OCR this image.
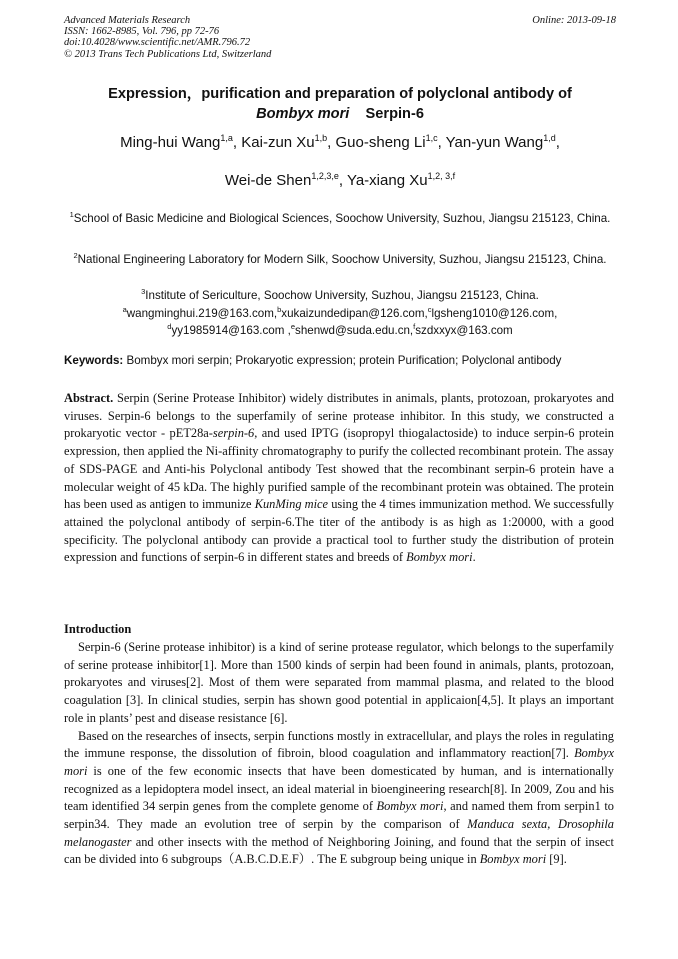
Advanced Materials Research
ISSN: 1662-8985, Vol. 796, pp 72-76
doi:10.4028/www.scientific.net/AMR.796.72
© 2013 Trans Tech Publications Ltd, Switzerland
Online: 2013-09-18
Expression，purification and preparation of polyclonal antibody of
Bombyx mori Serpin-6
Ming-hui Wang$^{1,a}$, Kai-zun Xu$^{1,b}$, Guo-sheng Li$^{1,c}$, Yan-yun Wang$^{1,d}$,
Wei-de Shen$^{1,2,3,e}$, Ya-xiang Xu$^{1,2, 3,f}$
$^1$School of Basic Medicine and Biological Sciences, Soochow University, Suzhou, Jiangsu 215123, China.
$^2$National Engineering Laboratory for Modern Silk, Soochow University, Suzhou, Jiangsu 215123, China.
$^3$Institute of Sericulture, Soochow University, Suzhou, Jiangsu 215123, China.
$^a$wangminghui.219@163.com,$^b$xukaizundedipan@126.com,$^c$lgsheng1010@126.com,
$^d$yy1985914@163.com ,$^e$shenwd@suda.edu.cn,$^f$szdxxyx@163.com
Keywords: Bombyx mori serpin; Prokaryotic expression; protein Purification; Polyclonal antibody

Abstract. Serpin (Serine Protease Inhibitor) widely distributes in animals, plants, protozoan, prokaryotes and viruses. Serpin-6 belongs to the superfamily of serine protease inhibitor. In this study, we constructed a prokaryotic vector - pET28a-serpin-6, and used IPTG (isopropyl thiogalactoside) to induce serpin-6 protein expression, then applied the Ni-affinity chromatography to purify the collected recombinant protein. The assay of SDS-PAGE and Anti-his Polyclonal antibody Test showed that the recombinant serpin-6 protein have a molecular weight of 45 kDa. The highly purified sample of the recombinant protein was obtained. The protein has been used as antigen to immunize KunMing mice using the 4 times immunization method. We successfully attained the polyclonal antibody of serpin-6.The titer of the antibody is as high as 1:20000, with a good specificity. The polyclonal antibody can provide a practical tool to further study the distribution of protein expression and functions of serpin-6 in different states and breeds of Bombyx mori.

Introduction

Serpin-6 (Serine protease inhibitor) is a kind of serine protease regulator, which belongs to the superfamily of serine protease inhibitor[1]. More than 1500 kinds of serpin had been found in animals, plants, protozoan, prokaryotes and viruses[2]. Most of them were separated from mammal plasma, and related to the blood coagulation [3]. In clinical studies, serpin has shown good potential in applicaion[4,5]. It plays an important role in plants’ pest and disease resistance [6].

Based on the researches of insects, serpin functions mostly in extracellular, and plays the roles in regulating the immune response, the dissolution of fibroin, blood coagulation and inflammatory reaction[7]. Bombyx mori is one of the few economic insects that have been domesticated by human, and is internationally recognized as a lepidoptera model insect, an ideal material in bioengineering research[8]. In 2009, Zou and his team identified 34 serpin genes from the complete genome of Bombyx mori, and named them from serpin1 to serpin34. They made an evolution tree of serpin by the comparison of Manduca sexta, Drosophila melanogaster and other insects with the method of Neighboring Joining, and found that the serpin of insect can be divided into 6 subgroups（A.B.C.D.E.F）. The E subgroup being unique in Bombyx mori [9].
